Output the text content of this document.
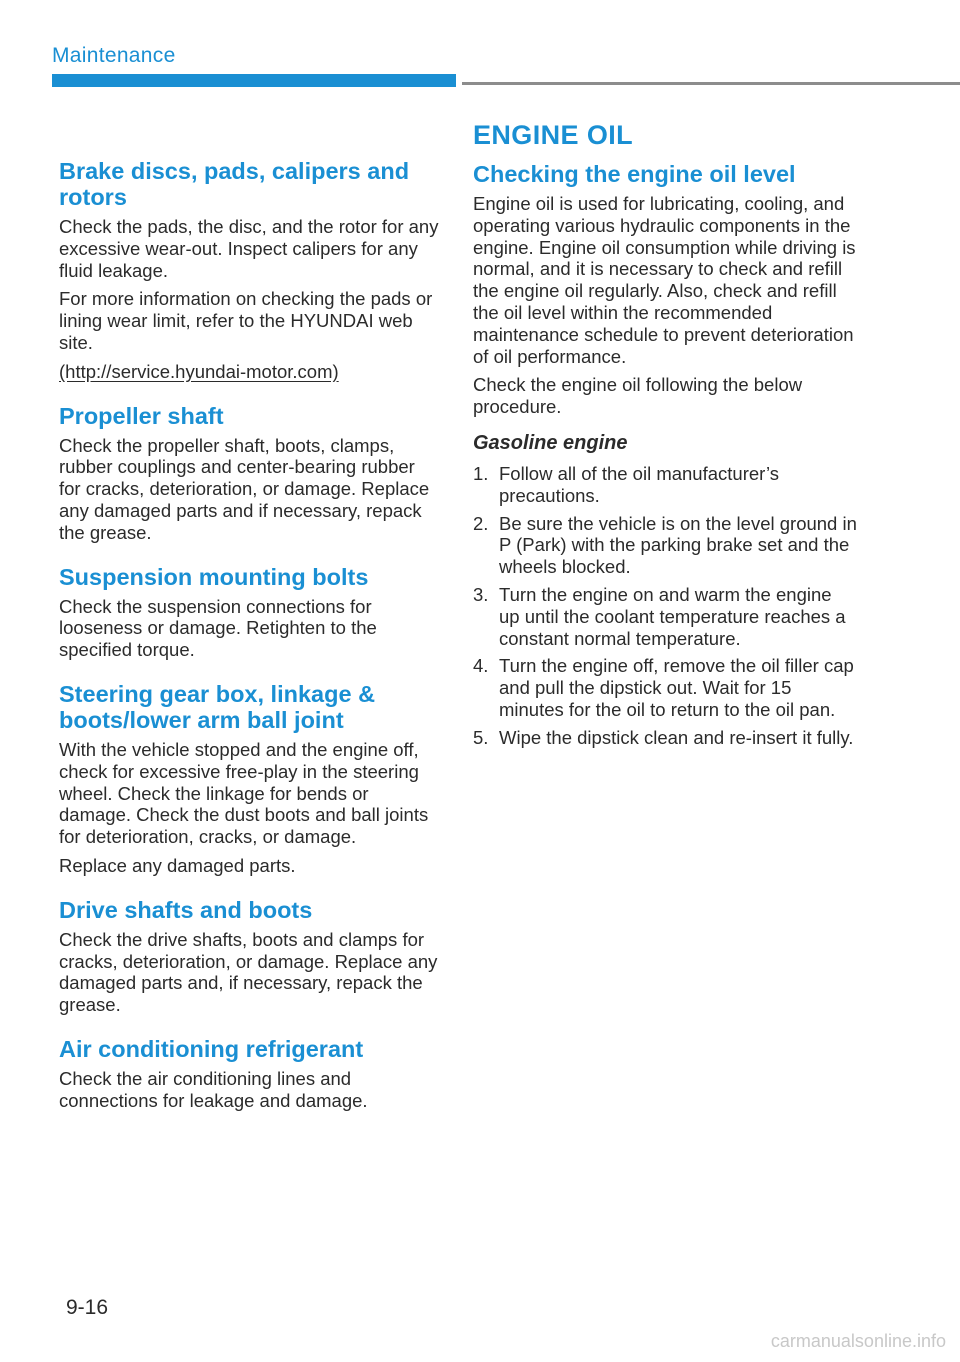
Maintenance
Brake discs, pads, calipers and rotors

Check the pads, the disc, and the rotor for any excessive wear-out. Inspect calipers for any fluid leakage.

For more information on checking the pads or lining wear limit, refer to the HYUNDAI web site.

(http://service.hyundai-motor.com)

Propeller shaft

Check the propeller shaft, boots, clamps, rubber couplings and center-bearing rubber for cracks, deterioration, or damage. Replace any damaged parts and if necessary, repack the grease.

Suspension mounting bolts

Check the suspension connections for looseness or damage. Retighten to the specified torque.

Steering gear box, linkage & boots/lower arm ball joint

With the vehicle stopped and the engine off, check for excessive free-play in the steering wheel. Check the linkage for bends or damage. Check the dust boots and ball joints for deterioration, cracks, or damage.

Replace any damaged parts.

Drive shafts and boots

Check the drive shafts, boots and clamps for cracks, deterioration, or damage. Replace any damaged parts and, if necessary, repack the grease.

Air conditioning refrigerant

Check the air conditioning lines and connections for leakage and damage.

ENGINE OIL
Checking the engine oil level

Engine oil is used for lubricating, cooling, and operating various hydraulic components in the engine. Engine oil consumption while driving is normal, and it is necessary to check and refill the engine oil regularly. Also, check and refill the oil level within the recommended maintenance schedule to prevent deterioration of oil performance.

Check the engine oil following the below procedure.

Gasoline engine
1. Follow all of the oil manufacturer’s precautions.
2. Be sure the vehicle is on the level ground in P (Park) with the parking brake set and the wheels blocked.
3. Turn the engine on and warm the engine up until the coolant temperature reaches a constant normal temperature.
4. Turn the engine off, remove the oil filler cap and pull the dipstick out. Wait for 15 minutes for the oil to return to the oil pan.
5. Wipe the dipstick clean and re-insert it fully.
9-16
carmanualsonline.info
